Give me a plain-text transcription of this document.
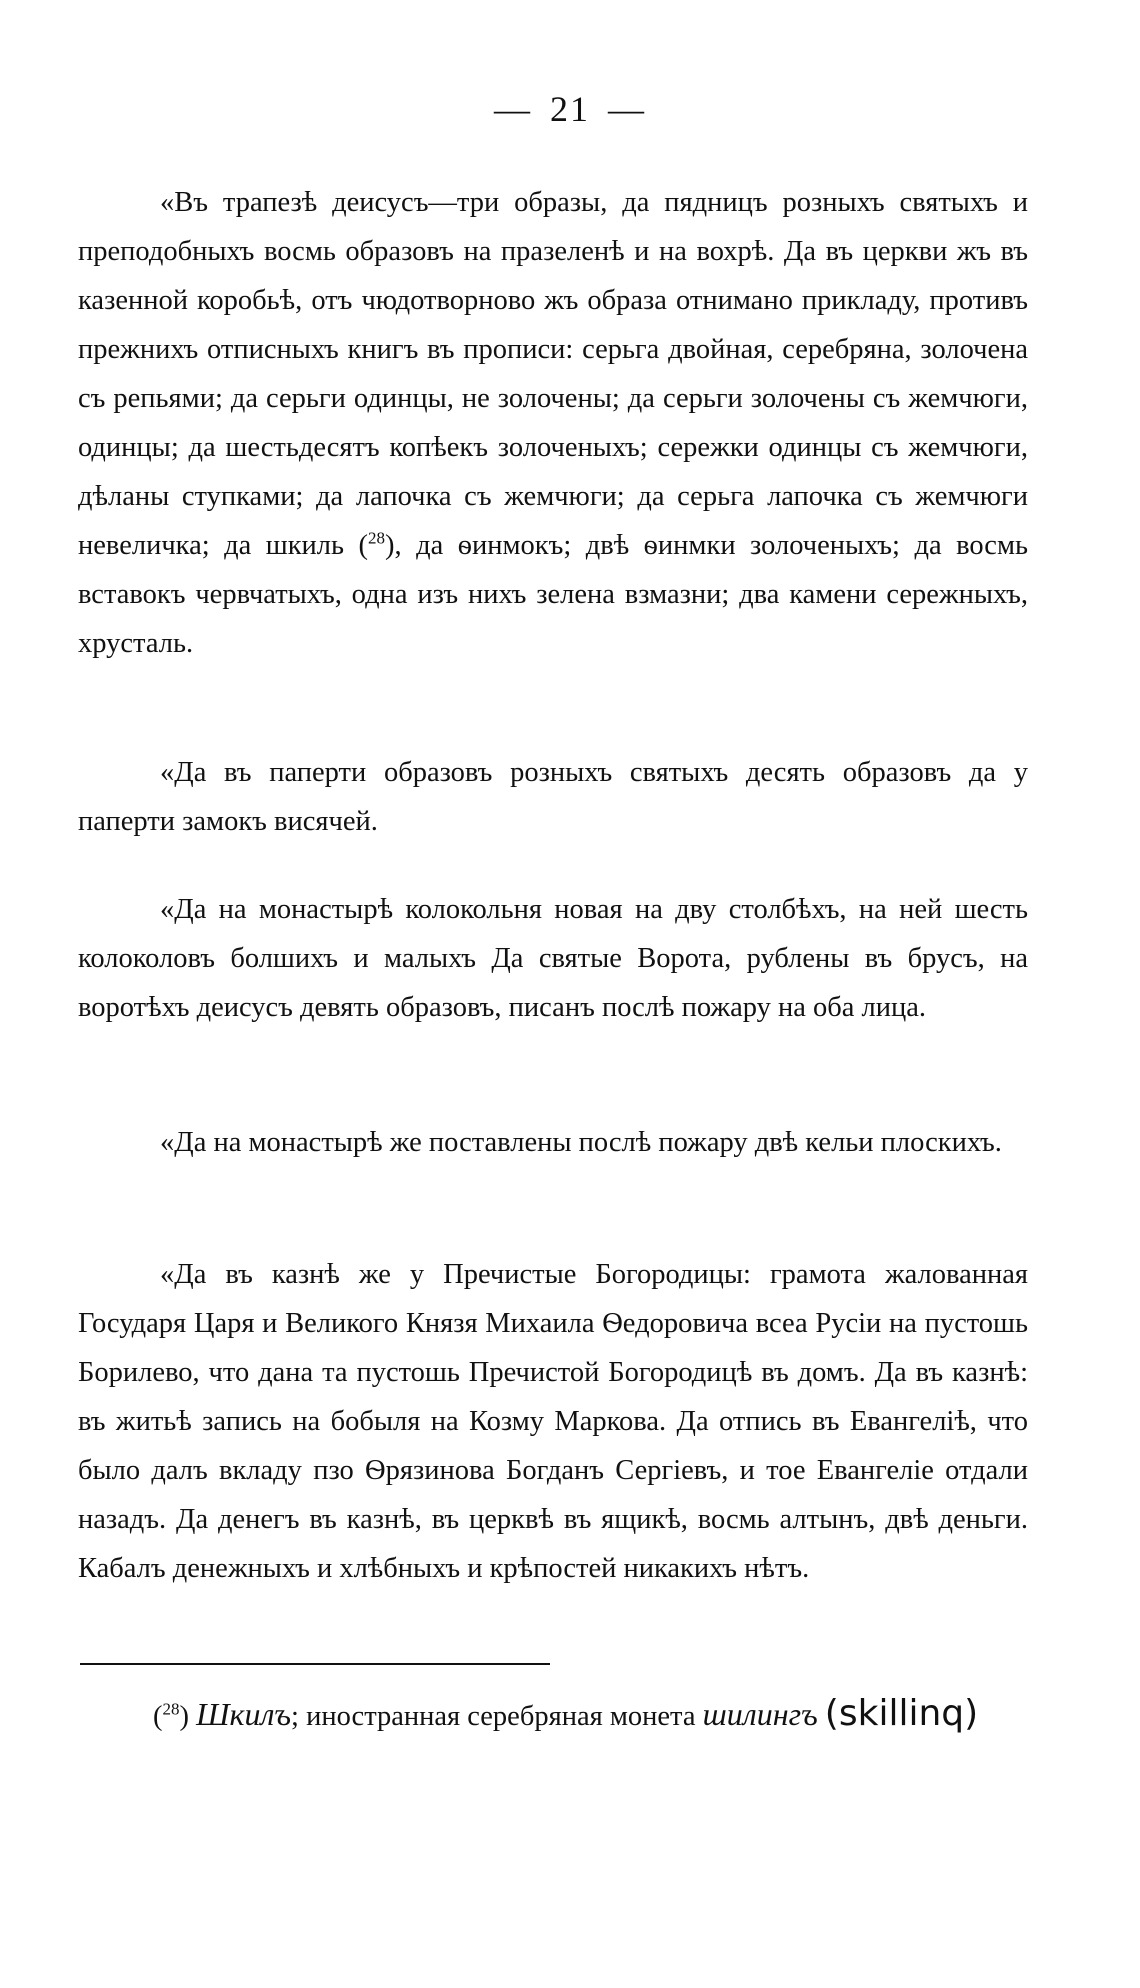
— 21 —

«Въ трапезѣ деисусъ—три образы, да пядницъ розныхъ святыхъ и преподобныхъ восмь образовъ на празеленѣ и на вохрѣ. Да въ церкви жъ въ казенной коробьѣ, отъ чюдотворново жъ образа отнимано прикладу, противъ прежнихъ отписныхъ книгъ въ прописи: серьга двойная, серебряна, золочена съ репьями; да серьги одинцы, не золочены; да серьги золочены съ жемчюги, одинцы; да шестьдесятъ копѣекъ золоченыхъ; сережки одинцы съ жемчюги, дѣланы ступками; да лапочка съ жемчюги; да серьга лапочка съ жемчюги невеличка; да шкиль ($^{28}$), да ѳинмокъ; двѣ ѳинмки золоченыхъ; да восмь вставокъ червчатыхъ, одна изъ нихъ зелена взмазни; два камени сережныхъ, хрусталь.

«Да въ паперти образовъ розныхъ святыхъ десять образовъ да у паперти замокъ висячей.

«Да на монастырѣ колокольня новая на дву столбѣхъ, на ней шесть колоколовъ болшихъ и малыхъ Да святые Ворота, рублены въ брусъ, на воротѣхъ деисусъ девять образовъ, писанъ послѣ пожару на оба лица.

«Да на монастырѣ же поставлены послѣ пожару двѣ кельи плоскихъ.

«Да въ казнѣ же у Пречистые Богородицы: грамота жалованная Государя Царя и Великого Князя Михаила Ѳедоровича всеа Русіи на пустошь Борилево, что дана та пустошь Пречистой Богородицѣ въ домъ. Да въ казнѣ: въ житьѣ запись на бобыля на Козму Маркова. Да отпись въ Евангеліѣ, что было далъ вкладу пзо Ѳрязинова Богданъ Сергіевъ, и тое Евангеліе отдали назадъ. Да денегъ въ казнѣ, въ церквѣ въ ящикѣ, восмь алтынъ, двѣ деньги. Кабалъ денежныхъ и хлѣбныхъ и крѣпостей никакихъ нѣтъ.

($^{28}$) Шкилъ; иностранная серебряная монета шилингъ (skillinq)
